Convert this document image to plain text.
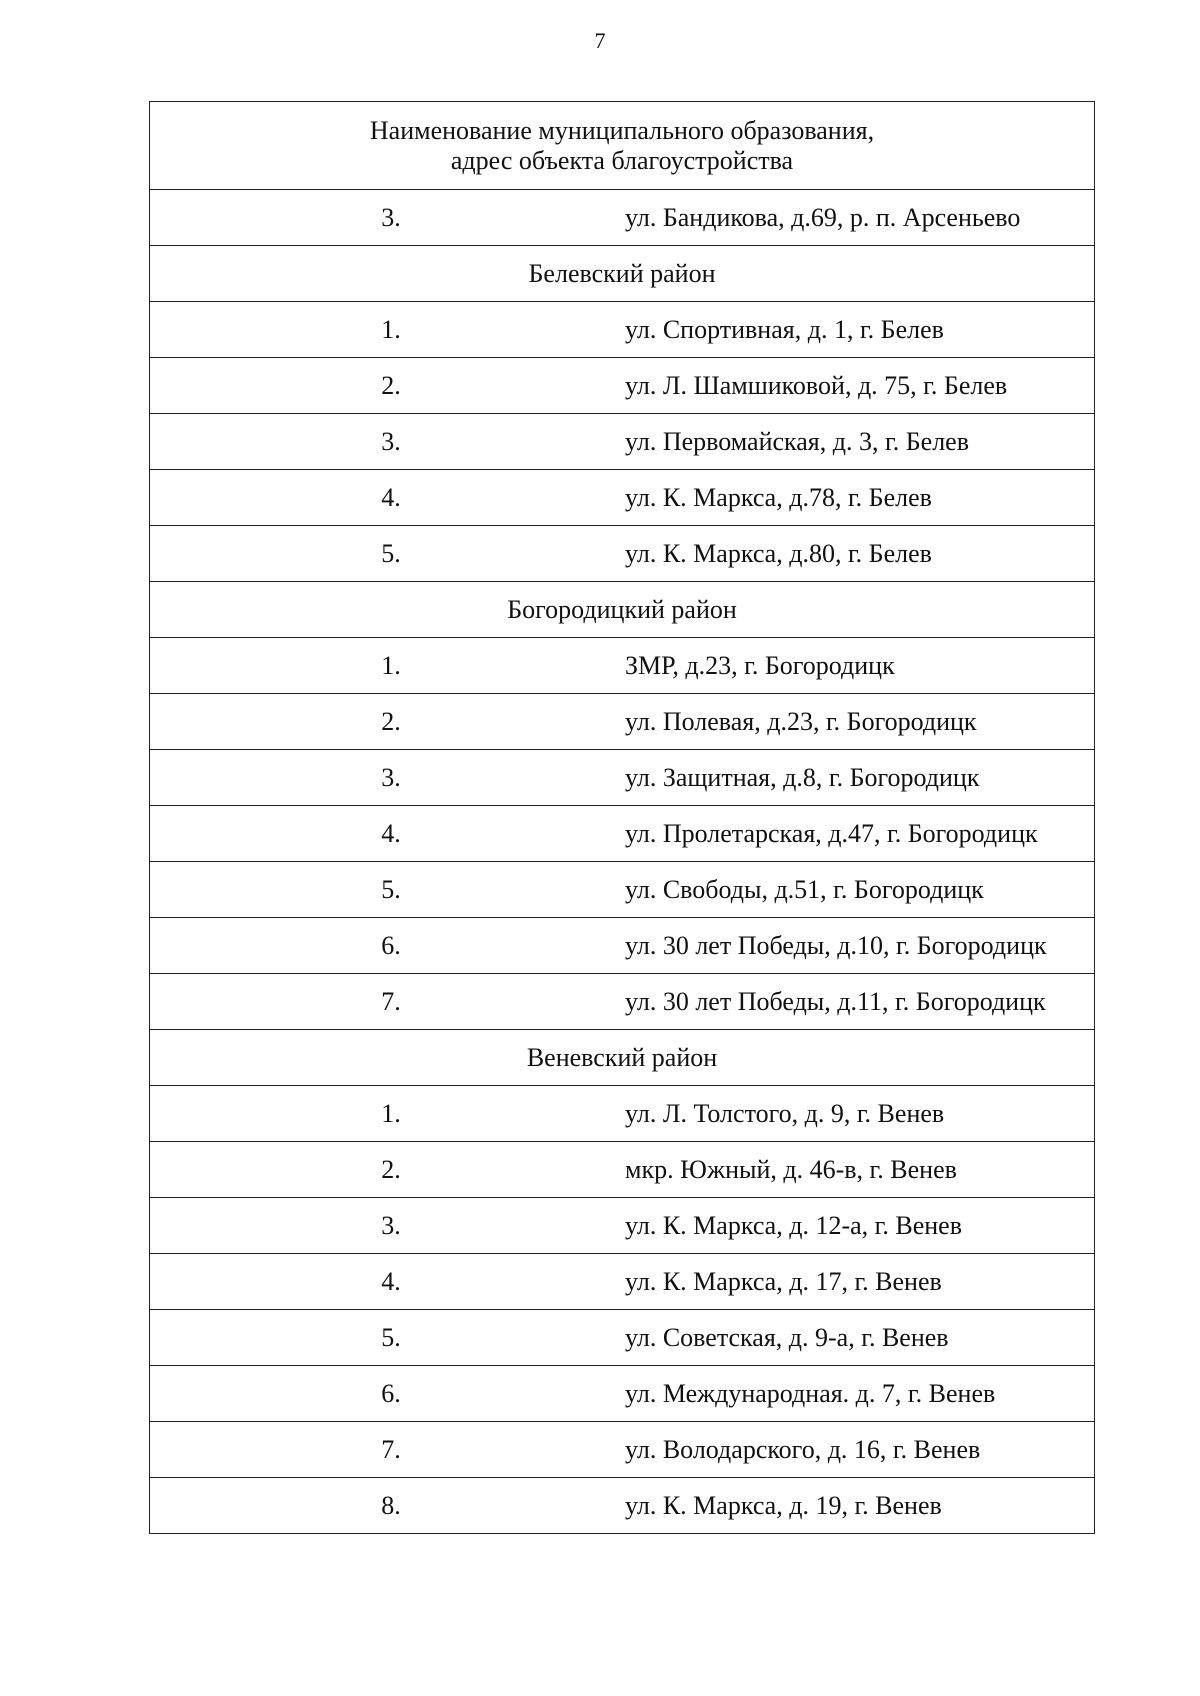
7
Наименование муниципального образования,
адрес объекта благоустройства	

3.	ул. Бандикова, д.69, р. п. Арсеньево
Белевский район	
1.	ул. Спортивная, д. 1, г. Белев
2.	ул. Л. Шамшиковой, д. 75, г. Белев
3.	ул. Первомайская, д. 3, г. Белев
4.	ул. К. Маркса, д.78, г. Белев
5.	ул. К. Маркса, д.80, г. Белев
Богородицкий район	
1.	ЗМР, д.23, г. Богородицк
2.	ул. Полевая, д.23, г. Богородицк
3.	ул. Защитная, д.8, г. Богородицк
4.	ул. Пролетарская, д.47, г. Богородицк
5.	ул. Свободы, д.51, г. Богородицк
6.	ул. 30 лет Победы, д.10, г. Богородицк
7.	ул. 30 лет Победы, д.11, г. Богородицк
Веневский район	
1.	ул. Л. Толстого, д. 9, г. Венев
2.	мкр. Южный, д. 46-в, г. Венев
3.	ул. К. Маркса, д. 12-а, г. Венев
4.	ул. К. Маркса, д. 17, г. Венев
5.	ул. Советская, д. 9-а, г. Венев
6.	ул. Международная. д. 7, г. Венев
7.	ул. Володарского, д. 16, г. Венев
8.	ул. К. Маркса, д. 19, г. Венев
